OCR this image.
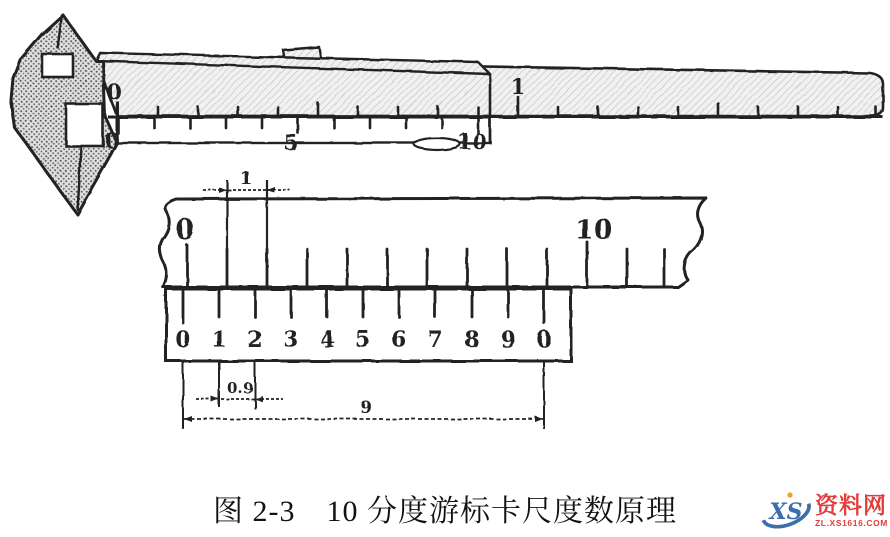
0	1
0	5	10
1
0	10
0 1 2 3 4 5 6 7 8 9 0
0.9
9
图 2-3　10 分度游标卡尺度数原理	XS 资料网
ZL.XS1616.COM
